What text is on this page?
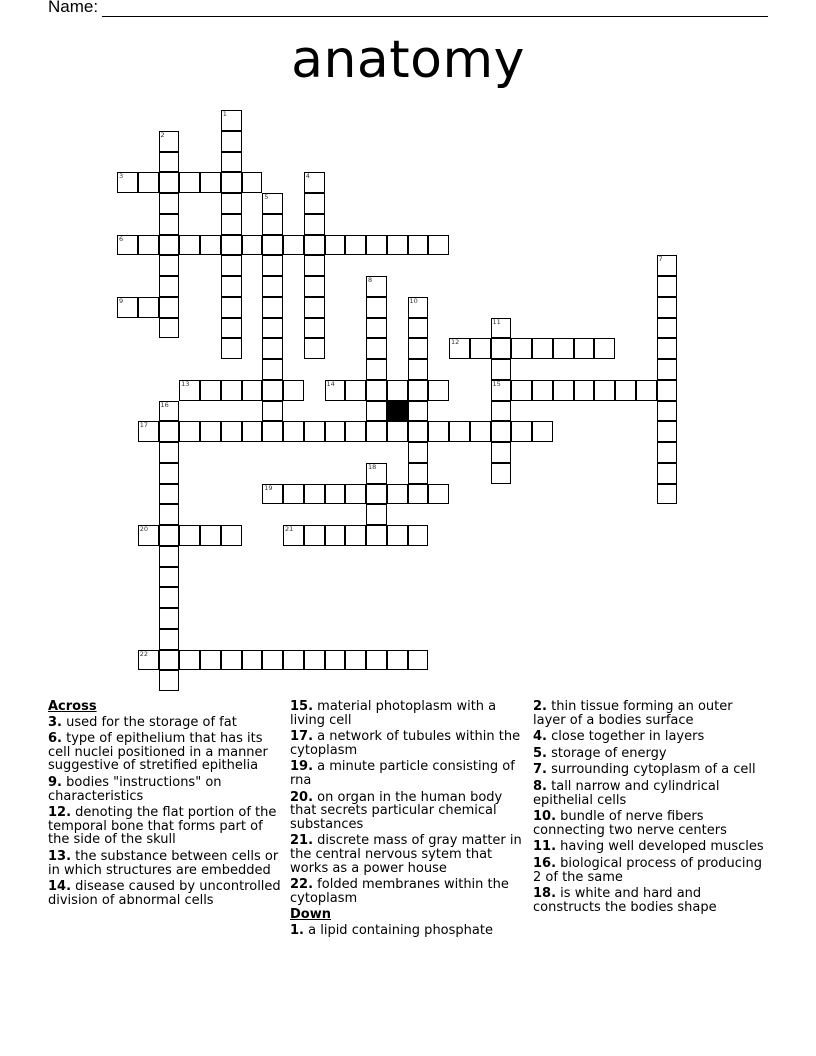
Name:
anatomy
1
2
3	4
5
6
7
8
9	10
11
15
12
13	14
16
17
18
19
20	21
22
Across
3. used for the storage of fat
6. type of epithelium that has its cell nuclei positioned in a manner suggestive of stretified epithelia
9. bodies "instructions" on characteristics
12. denoting the flat portion of the temporal bone that forms part of the side of the skull
13. the substance between cells or in which structures are embedded
14. disease caused by uncontrolled division of abnormal cells
15. material photoplasm with a living cell
17. a network of tubules within the cytoplasm
19. a minute particle consisting of rna
20. on organ in the human body that secrets particular chemical substances
21. discrete mass of gray matter in the central nervous sytem that works as a power house
22. folded membranes within the cytoplasm
Down
1. a lipid containing phosphate
2. thin tissue forming an outer layer of a bodies surface
4. close together in layers
5. storage of energy
7. surrounding cytoplasm of a cell
8. tall narrow and cylindrical epithelial cells
10. bundle of nerve fibers connecting two nerve centers
11. having well developed muscles
16. biological process of producing 2 of the same
18. is white and hard and constructs the bodies shape
